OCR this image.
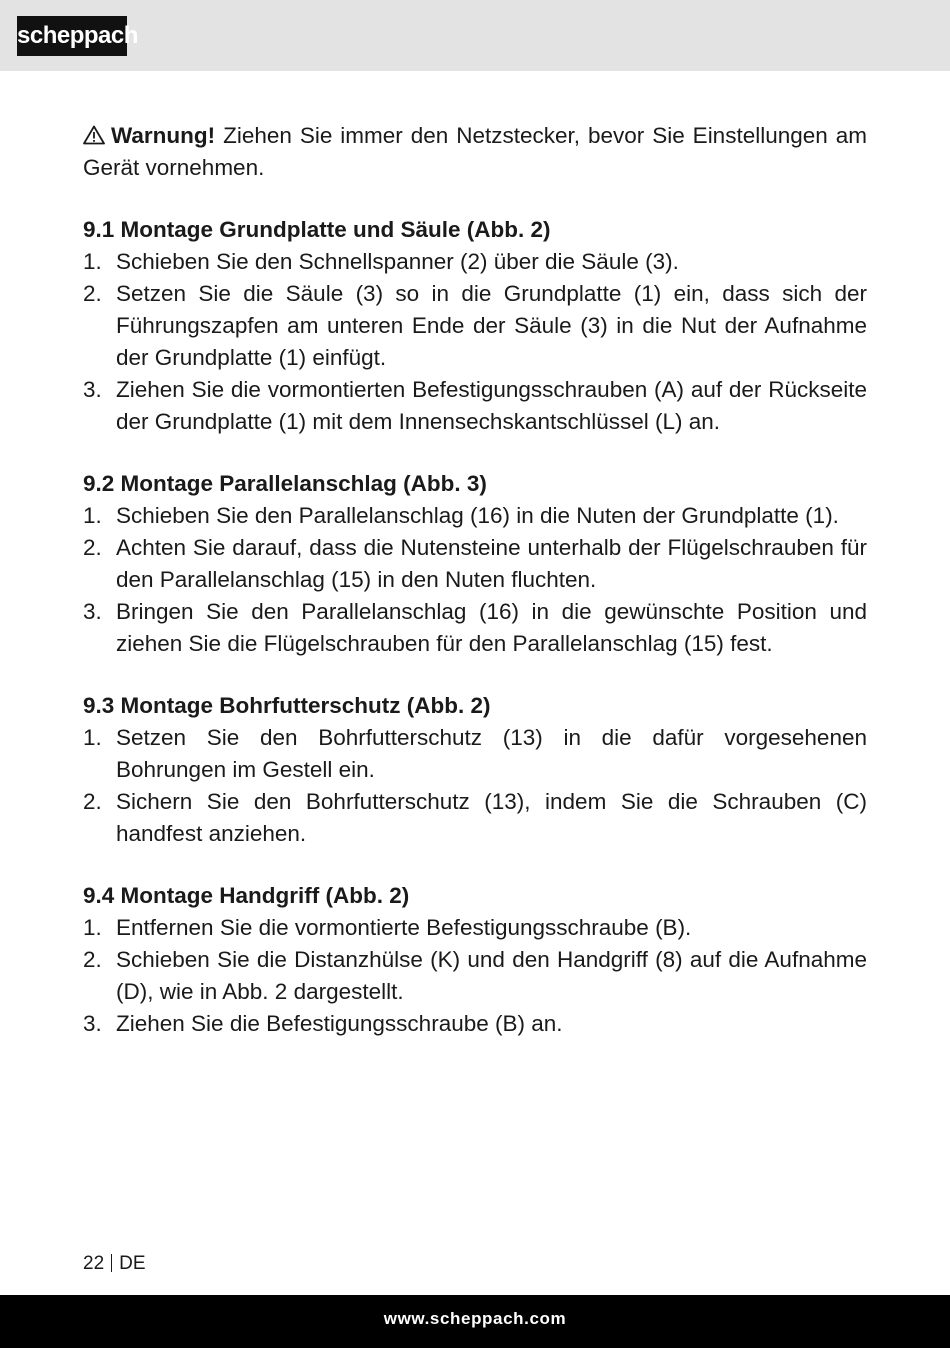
scheppach

Warnung! Ziehen Sie immer den Netzstecker, bevor Sie Einstellungen am Gerät vornehmen.

9.1 Montage Grundplatte und Säule (Abb. 2)

1. Schieben Sie den Schnellspanner (2) über die Säule (3).
2. Setzen Sie die Säule (3) so in die Grundplatte (1) ein, dass sich der Führungszapfen am unteren Ende der Säule (3) in die Nut der Aufnahme der Grundplatte (1) einfügt.
3. Ziehen Sie die vormontierten Befestigungsschrauben (A) auf der Rückseite der Grundplatte (1) mit dem Innensechskantschlüssel (L) an.

9.2 Montage Parallelanschlag (Abb. 3)

1. Schieben Sie den Parallelanschlag (16) in die Nuten der Grundplatte (1).
2. Achten Sie darauf, dass die Nutensteine unterhalb der Flügelschrauben für den Parallelanschlag (15) in den Nuten fluchten.
3. Bringen Sie den Parallelanschlag (16) in die gewünschte Position und ziehen Sie die Flügelschrauben für den Parallelanschlag (15) fest.

9.3 Montage Bohrfutterschutz (Abb. 2)

1. Setzen Sie den Bohrfutterschutz (13) in die dafür vorgesehenen Bohrungen im Gestell ein.
2. Sichern Sie den Bohrfutterschutz (13), indem Sie die Schrauben (C) handfest anziehen.

9.4 Montage Handgriff (Abb. 2)

1. Entfernen Sie die vormontierte Befestigungsschraube (B).
2. Schieben Sie die Distanzhülse (K) und den Handgriff (8) auf die Aufnahme (D), wie in Abb. 2 dargestellt.
3. Ziehen Sie die Befestigungsschraube (B) an.
22 DE
www.scheppach.com
